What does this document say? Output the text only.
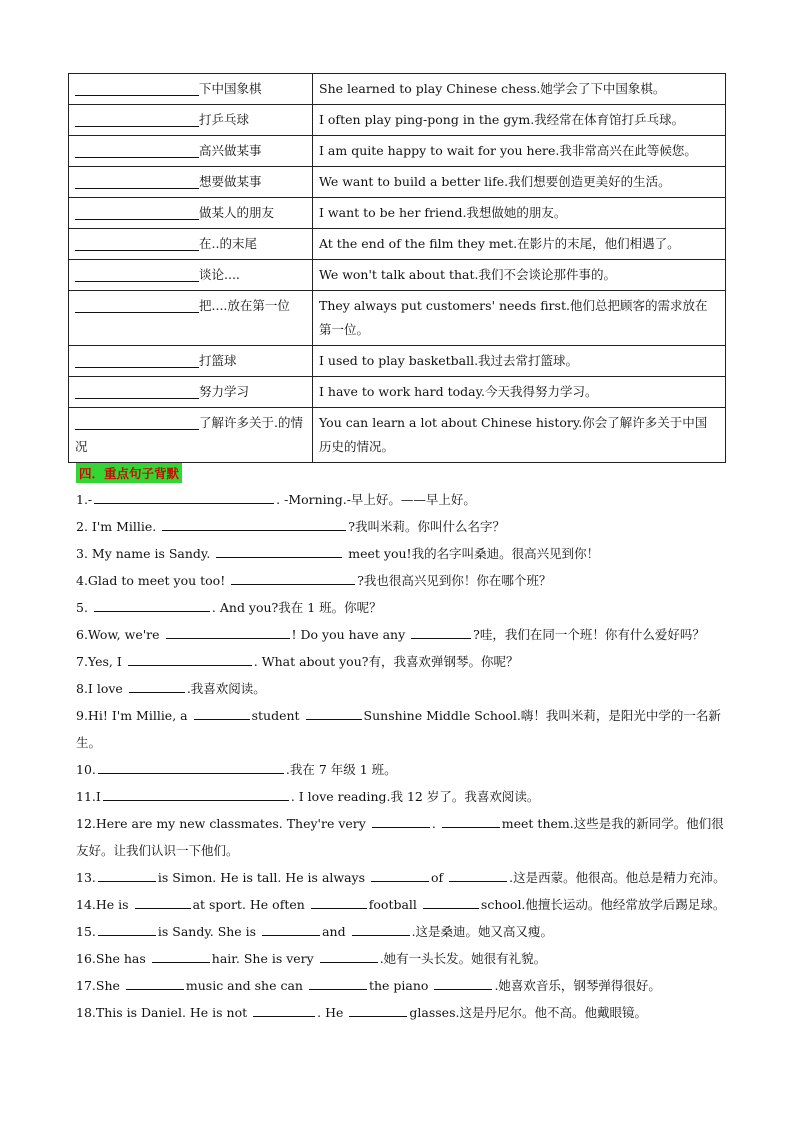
下中国象棋	She learned to play Chinese chess.她学会了下中国象棋。
打乒乓球	I often play ping-pong in the gym.我经常在体育馆打乒乓球。
高兴做某事	I am quite happy to wait for you here.我非常高兴在此等候您。
想要做某事	We want to build a better life.我们想要创造更美好的生活。
做某人的朋友	I want to be her friend.我想做她的朋友。
在..的末尾	At the end of the film they met.在影片的末尾，他们相遇了。
谈论....	We won't talk about that.我们不会谈论那件事的。
把....放在第一位	They always put customers' needs first.他们总把顾客的需求放在第一位。
打篮球	I used to play basketball.我过去常打篮球。
努力学习	I have to work hard today.今天我得努力学习。
了解许多关于.的情况	You can learn a lot about Chinese history.你会了解许多关于中国历史的情况。
四．重点句子背默
1.-	. -Morning.-早上好。——早上好。
2. I'm Millie.	?我叫米莉。你叫什么名字？
3. My name is Sandy.	meet you!我的名字叫桑迪。很高兴见到你！
4.Glad to meet you too!	?我也很高兴见到你！你在哪个班？
5.	. And you?我在 1 班。你呢？
6.Wow, we're	! Do you have any	?哇，我们在同一个班！你有什么爱好吗？
7.Yes, I	. What about you?有，我喜欢弹钢琴。你呢？
8.I love	.我喜欢阅读。
9.Hi! I'm Millie, a	student	Sunshine Middle School.嗨！我叫米莉，是阳光中学的一名新生。
10.	.我在 7 年级 1 班。
11.I	. I love reading.我 12 岁了。我喜欢阅读。
12.Here are my new classmates. They're very	.	meet them.这些是我的新同学。他们很友好。让我们认识一下他们。
13.	is Simon. He is tall. He is always	of	.这是西蒙。他很高。他总是精力充沛。
14.He is	at sport. He often	football	school.他擅长运动。他经常放学后踢足球。
15.	is Sandy. She is	and	.这是桑迪。她又高又瘦。
16.She has	hair. She is very	.她有一头长发。她很有礼貌。
17.She	music and she can	the piano	.她喜欢音乐，钢琴弹得很好。
18.This is Daniel. He is not	. He	glasses.这是丹尼尔。他不高。他戴眼镜。
